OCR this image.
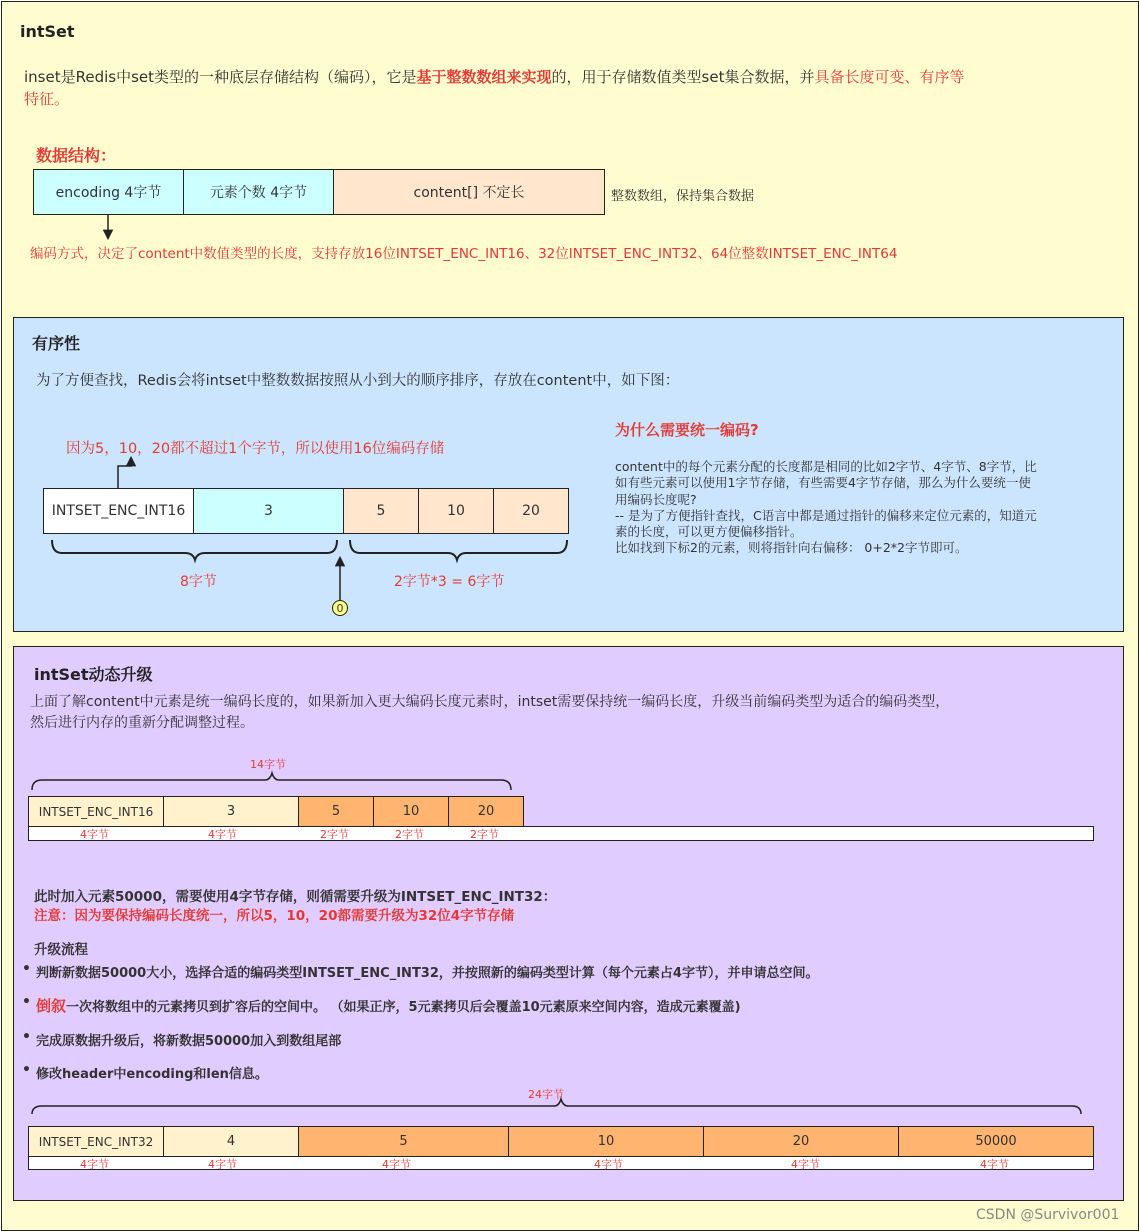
intSet
inset是Redis中set类型的一种底层存储结构（编码），它是基于整数数组来实现的，用于存储数值类型set集合数据，并具备长度可变、有序等
特征。
数据结构：
encoding 4字节	元素个数 4字节	content[] 不定长	整数数组，保持集合数据
编码方式，决定了content中数值类型的长度，支持存放16位INTSET_ENC_INT16、32位INTSET_ENC_INT32、64位整数INTSET_ENC_INT64
有序性
为了方便查找，Redis会将intset中整数数据按照从小到大的顺序排序，存放在content中，如下图：
因为5，10，20都不超过1个字节，所以使用16位编码存储
INTSET_ENC_INT16	3	5	10	20
8字节	2字节*3 = 6字节
0
为什么需要统一编码?
content中的每个元素分配的长度都是相同的比如2字节、4字节、8字节，比
如有些元素可以使用1字节存储，有些需要4字节存储，那么为什么要统一使
用编码长度呢?
-- 是为了方便指针查找，C语言中都是通过指针的偏移来定位元素的，知道元
素的长度，可以更方便偏移指针。
比如找到下标2的元素，则将指针向右偏移： 0+2*2字节即可。
intSet动态升级
上面了解content中元素是统一编码长度的，如果新加入更大编码长度元素时，intset需要保持统一编码长度，升级当前编码类型为适合的编码类型，
然后进行内存的重新分配调整过程。
14字节
INTSET_ENC_INT16	3	5	10	20
4字节	4字节	2字节	2字节	2字节
此时加入元素50000，需要使用4字节存储，则循需要升级为INTSET_ENC_INT32：
注意：因为要保持编码长度统一，所以5，10，20都需要升级为32位4字节存储
升级流程
• 判断新数据50000大小，选择合适的编码类型INTSET_ENC_INT32，并按照新的编码类型计算（每个元素占4字节），并申请总空间。
• 倒叙一次将数组中的元素拷贝到扩容后的空间中。 （如果正序，5元素拷贝后会覆盖10元素原来空间内容，造成元素覆盖)
• 完成原数据升级后，将新数据50000加入到数组尾部
• 修改header中encoding和len信息。
24字节
INTSET_ENC_INT32	4	5	10	20	50000
4字节	4字节	4字节	4字节	4字节	4字节
CSDN @Survivor001
